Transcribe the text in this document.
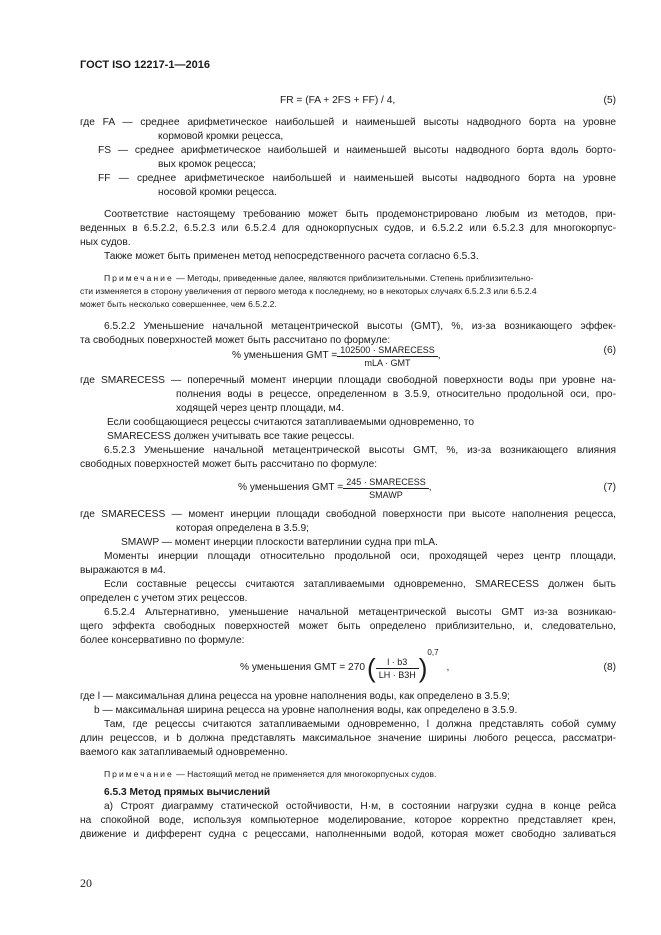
ГОСТ ISO 12217-1—2016
FR = (FA + 2FS + FF) / 4,	(5)
где FA — среднее арифметическое наибольшей и наименьшей высоты надводного борта на уровне
кормовой кромки рецесса,
FS — среднее арифметическое наибольшей и наименьшей высоты надводного борта вдоль борто-
вых кромок рецесса;
FF — среднее арифметическое наибольшей и наименьшей высоты надводного борта на уровне
носовой кромки рецесса.
Соответствие настоящему требованию может быть продемонстрировано любым из методов, при-
веденных в 6.5.2.2, 6.5.2.3 или 6.5.2.4 для однокорпусных судов, и 6.5.2.2 или 6.5.2.3 для многокорпус-
ных судов.
Также может быть применен метод непосредственного расчета согласно 6.5.3.
Примечание — Методы, приведенные далее, являются приблизительными. Степень приблизительно-
сти изменяется в сторону увеличения от первого метода к последнему, но в некоторых случаях 6.5.2.3 или 6.5.2.4
может быть несколько совершеннее, чем 6.5.2.2.
6.5.2.2 Уменьшение начальной метацентрической высоты (GMT), %, из-за возникающего эффек-
та свободных поверхностей может быть рассчитано по формуле:
% уменьшения GMT = $\frac{\text{102500 · SMARECESS}}{\text{mLA · GMT}}$ ,	(6)
где SMARECESS — поперечный момент инерции площади свободной поверхности воды при уровне на-
полнения воды в рецессе, определенном в 3.5.9, относительно продольной оси, про-
ходящей через центр площади, м4.
Если сообщающиеся рецессы считаются затапливаемыми одновременно, то
SMARECESS должен учитывать все такие рецессы.
6.5.2.3 Уменьшение начальной метацентрической высоты GMT, %, из-за возникающего влияния
свободных поверхностей может быть рассчитано по формуле:
% уменьшения GMT = $\frac{\text{245 · SMARECESS}}{\text{SMAWP}}$ ,	(7)
где SMARECESS — момент инерции площади свободной поверхности при высоте наполнения рецесса,
которая определена в 3.5.9;
SMAWP — момент инерции плоскости ватерлинии судна при mLA.
Моменты инерции площади относительно продольной оси, проходящей через центр площади,
выражаются в м4.
Если составные рецессы считаются затапливаемыми одновременно, SMARECESS должен быть
определен с учетом этих рецессов.
6.5.2.4 Альтернативно, уменьшение начальной метацентрической высоты GMT из-за возникаю-
щего эффекта свободных поверхностей может быть определено приблизительно, и, следовательно,
более консервативно по формуле:
% уменьшения GMT = 270 ( $\frac{l \cdot b3}{LH \cdot B3H}$ )
0,7
,	(8)
где l — максимальная длина рецесса на уровне наполнения воды, как определено в 3.5.9;
b — максимальная ширина рецесса на уровне наполнения воды, как определено в 3.5.9.
Там, где рецессы считаются затапливаемыми одновременно, l должна представлять собой сумму
длин рецессов, и b должна представлять максимальное значение ширины любого рецесса, рассматри-
ваемого как затапливаемый одновременно.
Примечание — Настоящий метод не применяется для многокорпусных судов.
6.5.3 Метод прямых вычислений
а) Строят диаграмму статической остойчивости, Н·м, в состоянии нагрузки судна в конце рейса
на спокойной воде, используя компьютерное моделирование, которое корректно представляет крен,
движение и дифферент судна с рецессами, наполненными водой, которая может свободно заливаться
20
